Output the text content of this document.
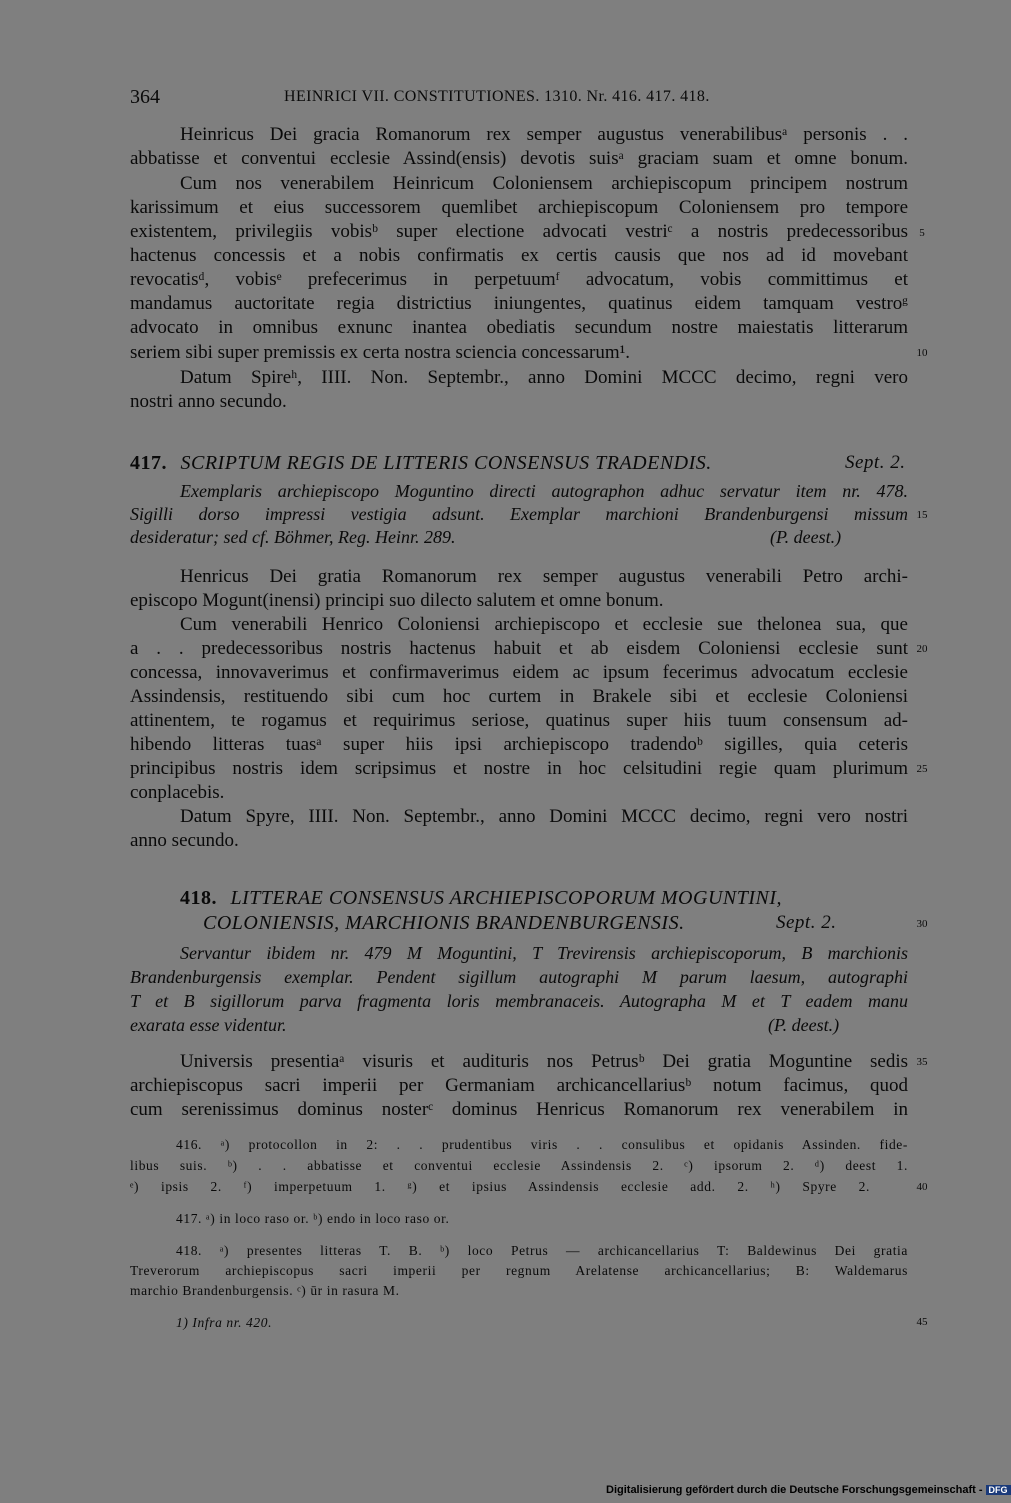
364	HEINRICI VII. CONSTITUTIONES. 1310. Nr. 416. 417. 418.
Heinricus Dei gracia Romanorum rex semper augustus venerabilibusᵃ personis . .
abbatisse et conventui ecclesie Assind(ensis) devotis suisᵃ graciam suam et omne bonum.
Cum nos venerabilem Heinricum Coloniensem archiepiscopum principem nostrum
karissimum et eius successorem quemlibet archiepiscopum Coloniensem pro tempore
existentem, privilegiis vobisᵇ super electione advocati vestriᶜ a nostris predecessoribus
hactenus concessis et a nobis confirmatis ex certis causis que nos ad id movebant
revocatisᵈ, vobisᵉ prefecerimus in perpetuumᶠ advocatum, vobis committimus et
mandamus auctoritate regia districtius iniungentes, quatinus eidem tamquam vestroᵍ
advocato in omnibus exnunc inantea obediatis secundum nostre maiestatis litterarum
seriem sibi super premissis ex certa nostra sciencia concessarum¹.
Datum Spireʰ, IIII. Non. Septembr., anno Domini MCCC decimo, regni vero
nostri anno secundo.
417. SCRIPTUM REGIS DE LITTERIS CONSENSUS TRADENDIS.	Sept. 2.
Exemplaris archiepiscopo Moguntino directi autographon adhuc servatur item nr. 478.
Sigilli dorso impressi vestigia adsunt. Exemplar marchioni Brandenburgensi missum
desideratur; sed cf. Böhmer, Reg. Heinr. 289.	(P. deest.)
Henricus Dei gratia Romanorum rex semper augustus venerabili Petro archi-
episcopo Mogunt(inensi) principi suo dilecto salutem et omne bonum.
Cum venerabili Henrico Coloniensi archiepiscopo et ecclesie sue thelonea sua, que
a . . predecessoribus nostris hactenus habuit et ab eisdem Coloniensi ecclesie sunt
concessa, innovaverimus et confirmaverimus eidem ac ipsum fecerimus advocatum ecclesie
Assindensis, restituendo sibi cum hoc curtem in Brakele sibi et ecclesie Coloniensi
attinentem, te rogamus et requirimus seriose, quatinus super hiis tuum consensum ad-
hibendo litteras tuasᵃ super hiis ipsi archiepiscopo tradendoᵇ sigilles, quia ceteris
principibus nostris idem scripsimus et nostre in hoc celsitudini regie quam plurimum
conplacebis.
Datum Spyre, IIII. Non. Septembr., anno Domini MCCC decimo, regni vero nostri
anno secundo.
418. LITTERAE CONSENSUS ARCHIEPISCOPORUM MOGUNTINI,
COLONIENSIS, MARCHIONIS BRANDENBURGENSIS.	Sept. 2.
Servantur ibidem nr. 479 M Moguntini, T Trevirensis archiepiscoporum, B marchionis
Brandenburgensis exemplar. Pendent sigillum autographi M parum laesum, autographi
T et B sigillorum parva fragmenta loris membranaceis. Autographa M et T eadem manu
exarata esse videntur.	(P. deest.)
Universis presentiaᵃ visuris et audituris nos Petrusᵇ Dei gratia Moguntine sedis
archiepiscopus sacri imperii per Germaniam archicancellariusᵇ notum facimus, quod
cum serenissimus dominus nosterᶜ dominus Henricus Romanorum rex venerabilem in
416. ᵃ) protocollon in 2: . . prudentibus viris . . consulibus et opidanis Assinden. fide-
libus suis. ᵇ) . . abbatisse et conventui ecclesie Assindensis 2. ᶜ) ipsorum 2. ᵈ) deest 1.
ᵉ) ipsis 2. ᶠ) imperpetuum 1. ᵍ) et ipsius Assindensis ecclesie add. 2. ʰ) Spyre 2.
417. ᵃ) in loco raso or. ᵇ) endo in loco raso or.
418. ᵃ) presentes litteras T. B. ᵇ) loco Petrus — archicancellarius T: Baldewinus Dei gratia
Treverorum archiepiscopus sacri imperii per regnum Arelatense archicancellarius; B: Waldemarus
marchio Brandenburgensis. ᶜ) ūr in rasura M.
1) Infra nr. 420.
5
10
15
20
25
30
35
40
45
Digitalisierung gefördert durch die Deutsche Forschungsgemeinschaft - DFG
